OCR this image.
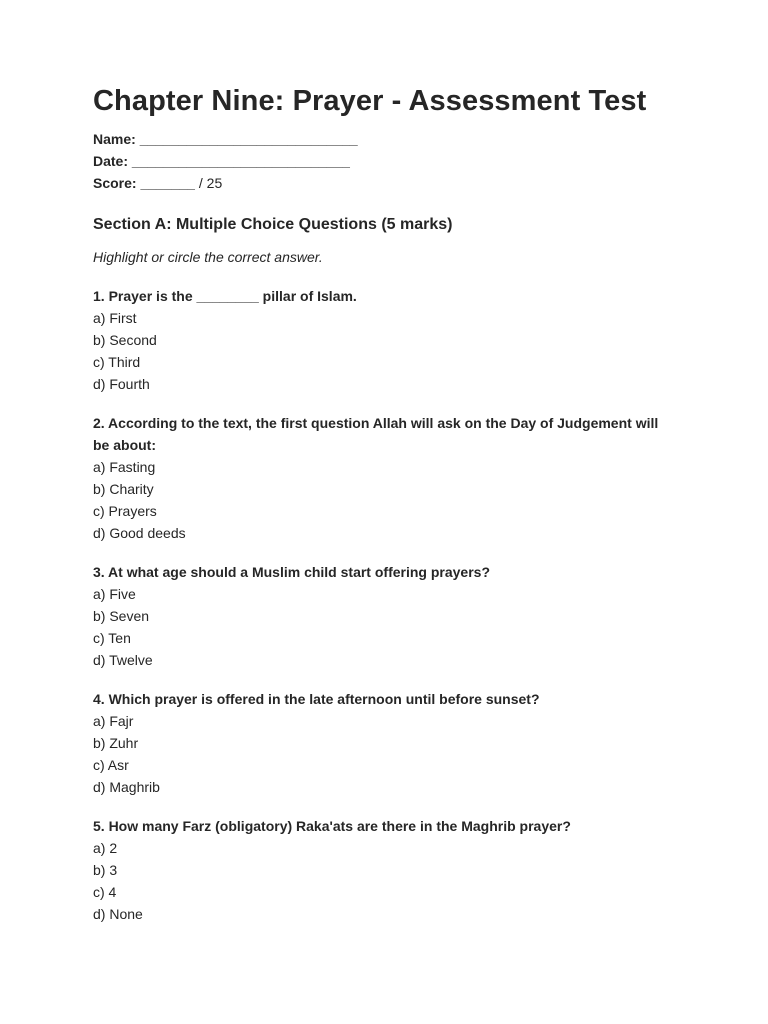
Chapter Nine: Prayer - Assessment Test

Name: ____________________________

Date: ____________________________

Score: _______ / 25

Section A: Multiple Choice Questions (5 marks)

Highlight or circle the correct answer.

1. Prayer is the ________ pillar of Islam.

a) First

b) Second

c) Third

d) Fourth

2. According to the text, the first question Allah will ask on the Day of Judgement will be about:

a) Fasting

b) Charity

c) Prayers

d) Good deeds

3. At what age should a Muslim child start offering prayers?

a) Five

b) Seven

c) Ten

d) Twelve

4. Which prayer is offered in the late afternoon until before sunset?

a) Fajr

b) Zuhr

c) Asr

d) Maghrib

5. How many Farz (obligatory) Raka'ats are there in the Maghrib prayer?

a) 2

b) 3

c) 4

d) None
